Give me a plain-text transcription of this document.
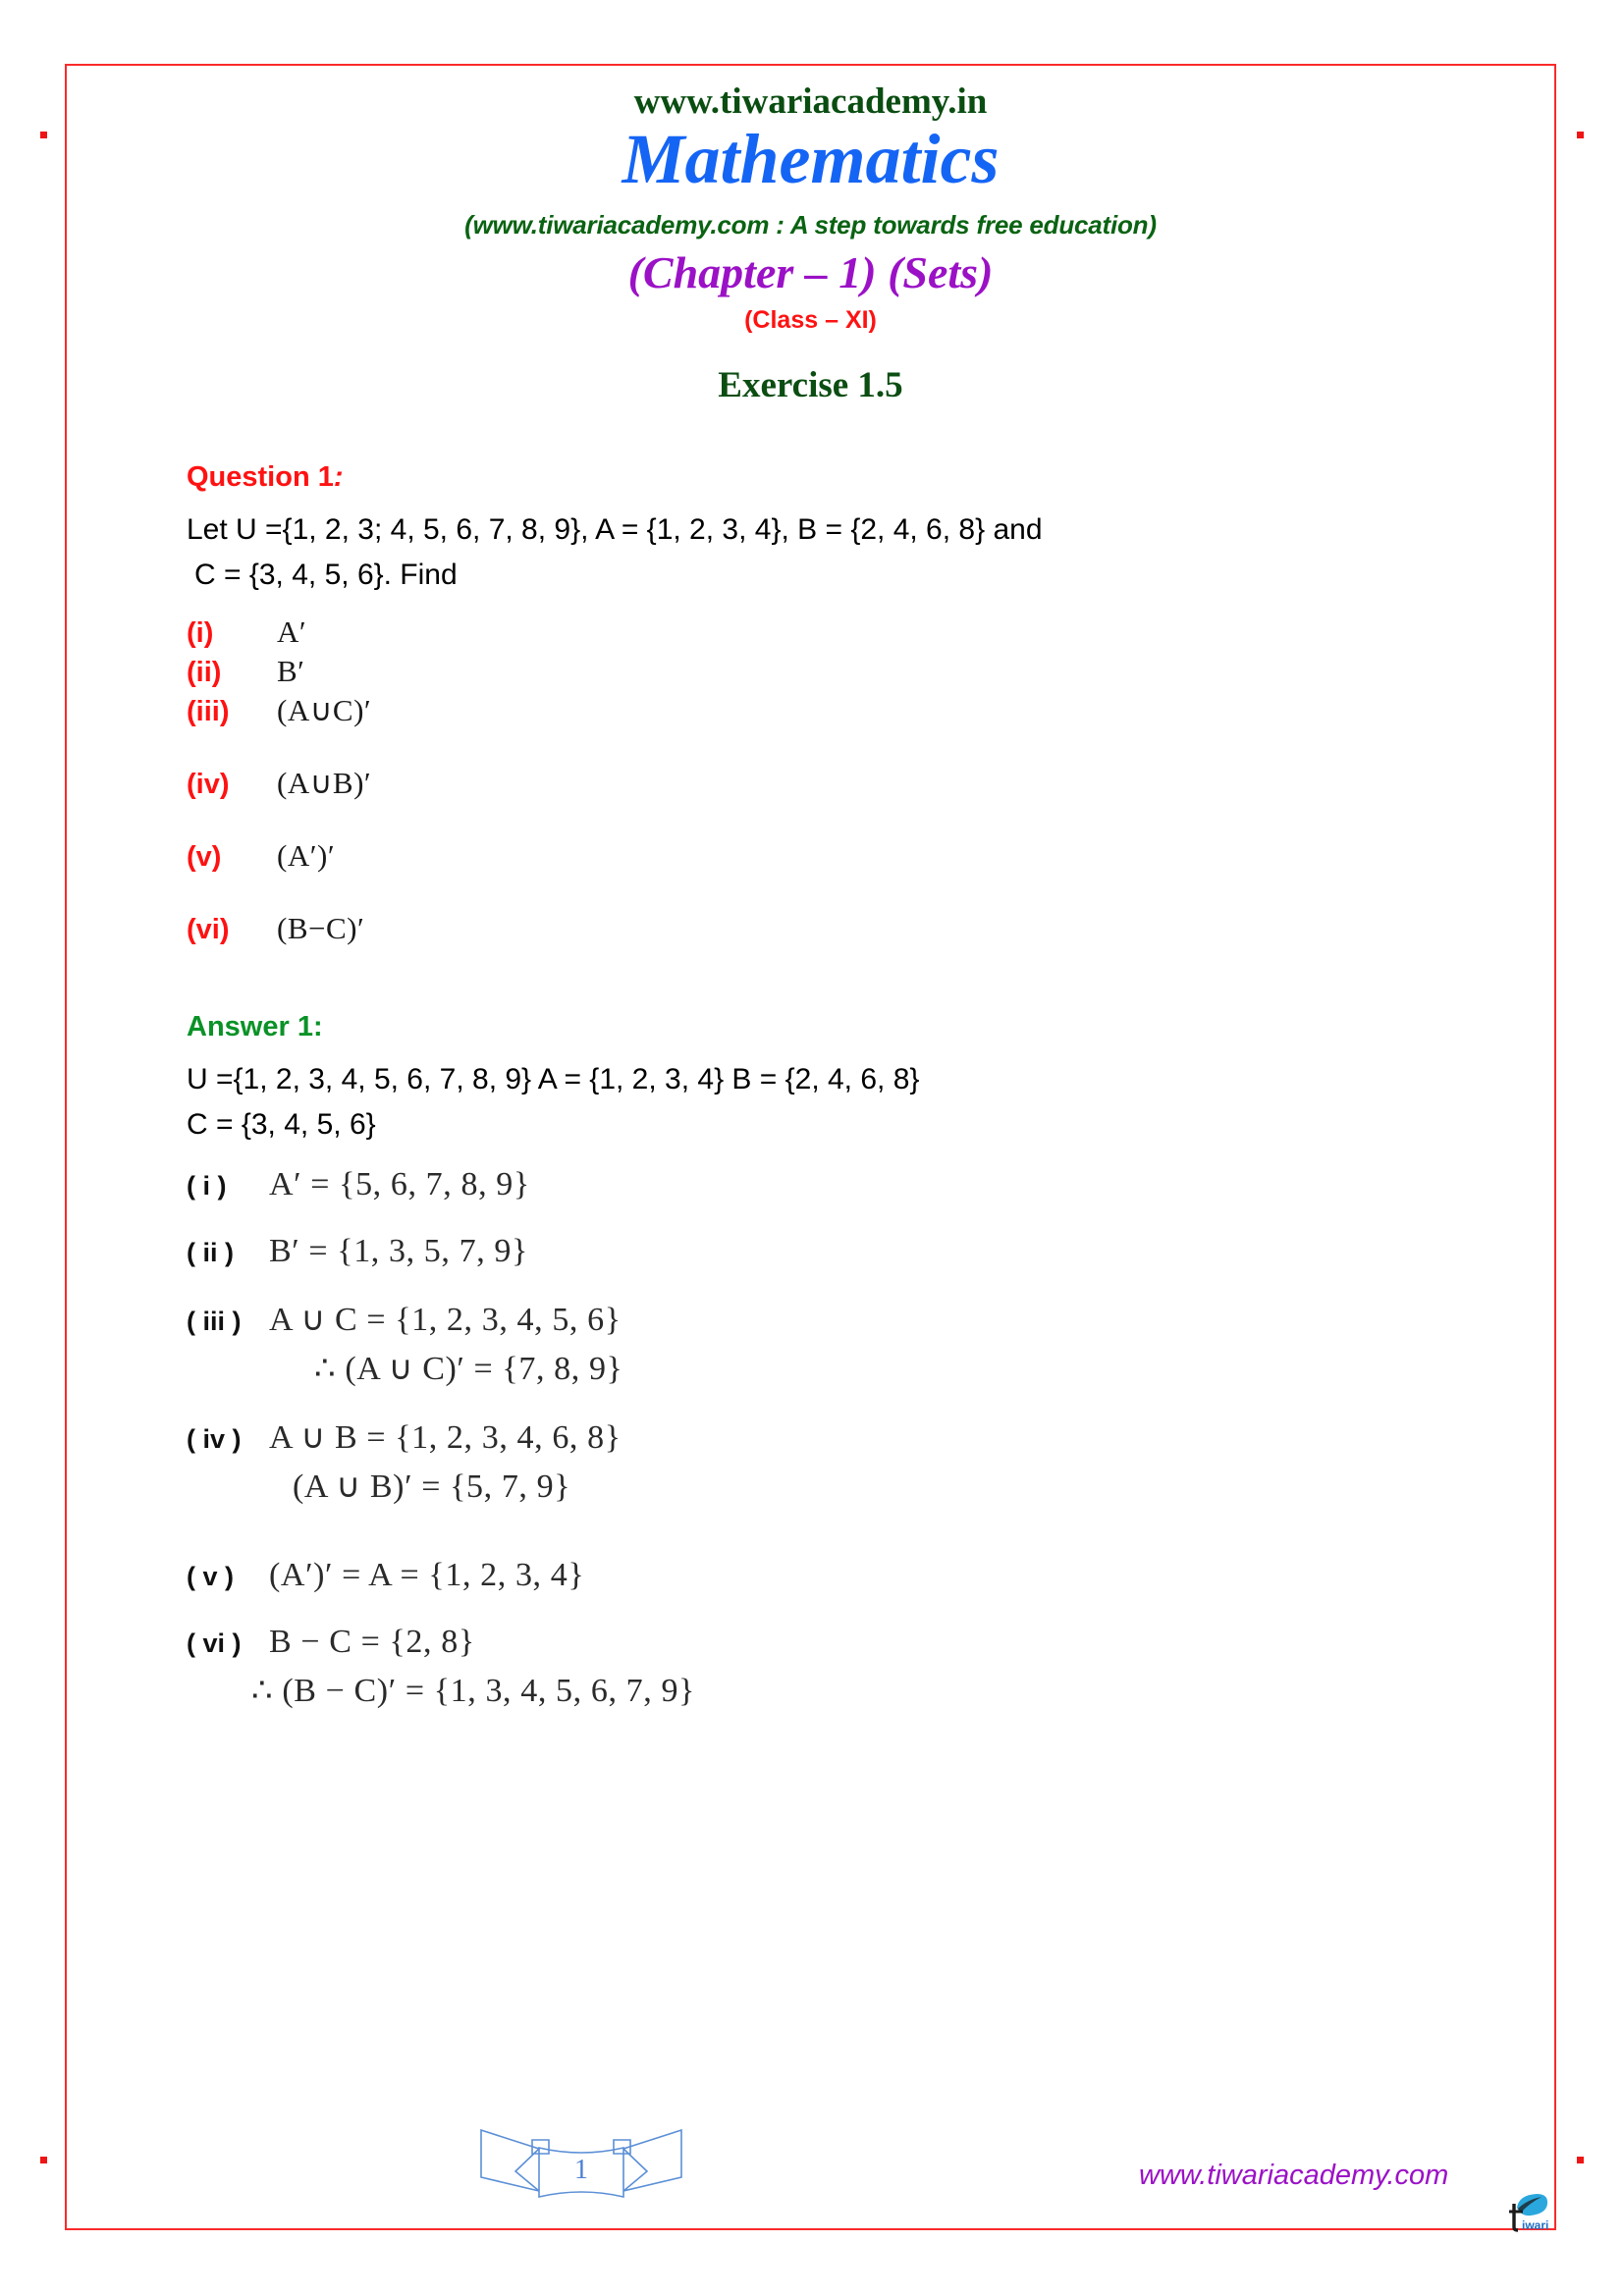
www.tiwariacademy.in
Mathematics
(www.tiwariacademy.com : A step towards free education)
(Chapter – 1) (Sets)
(Class – XI)
Exercise 1.5
Question 1:
Let U ={1, 2, 3; 4, 5, 6, 7, 8, 9}, A = {1, 2, 3, 4}, B = {2, 4, 6, 8} and
C = {3, 4, 5, 6}. Find
(i)	A′
(ii)	B′
(iii)	(A∪C)′
(iv)	(A∪B)′
(v)	(A′)′
(vi)	(B−C)′
Answer 1:
U ={1, 2, 3, 4, 5, 6, 7, 8, 9} A = {1, 2, 3, 4} B = {2, 4, 6, 8}
C = {3, 4, 5, 6}
( i )	A′ = {5, 6, 7, 8, 9}
( ii )	B′ = {1, 3, 5, 7, 9}
( iii ) A ∪ C = {1, 2, 3, 4, 5, 6}
∴ (A ∪ C)′ = {7, 8, 9}
( iv ) A ∪ B = {1, 2, 3, 4, 6, 8}
(A ∪ B)′ = {5, 7, 9}
( v )	(A′)′ = A = {1, 2, 3, 4}
( vi ) B − C = {2, 8}
∴ (B − C)′ = {1, 3, 4, 5, 6, 7, 9}
1	www.tiwariacademy.com
iwari
